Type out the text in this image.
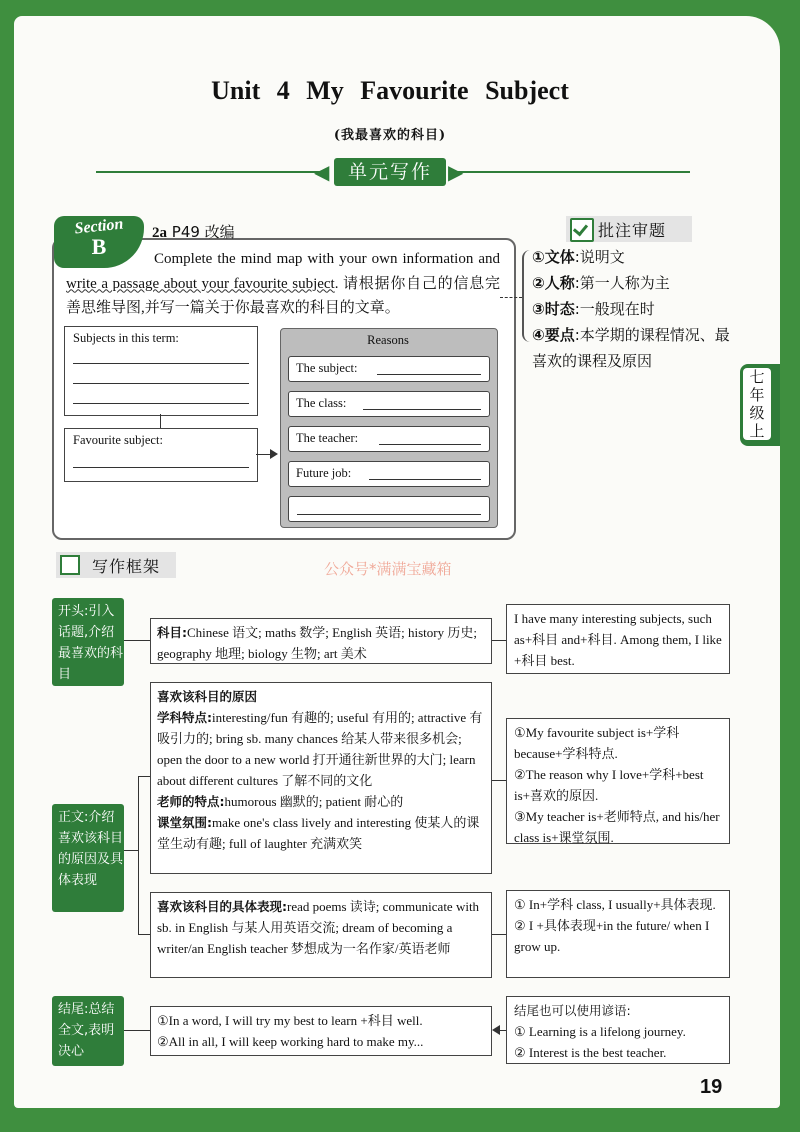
Unit 4 My Favourite Subject
(我最喜欢的科目)
◀	▶
单元写作
Section
B
2a P49 改编
Complete the mind map with your own information and write a passage about your favourite subject. 请根据你自己的信息完善思维导图,并写一篇关于你最喜欢的科目的文章。
Subjects in this term:
Favourite subject:
Reasons
The subject:
The class:
The teacher:
Future job:
批注审题
①文体:说明文
②人称:第一人称为主
③时态:一般现在时
④要点:本学期的课程情况、最喜欢的课程及原因
七年级上
写作框架	公众号*满满宝藏箱
开头:引入话题,介绍最喜欢的科目
科目:Chinese 语文; maths 数学; English 英语; history 历史; geography 地理; biology 生物; art 美术
I have many interesting subjects, such as+科目 and+科目. Among them, I like +科目 best.
正文:介绍喜欢该科目的原因及具体表现
喜欢该科目的原因
学科特点:interesting/fun 有趣的; useful 有用的; attractive 有吸引力的; bring sb. many chances 给某人带来很多机会; open the door to a new world 打开通往新世界的大门; learn about different cultures 了解不同的文化
老师的特点:humorous 幽默的; patient 耐心的
课堂氛围:make one's class lively and interesting 使某人的课堂生动有趣; full of laughter 充满欢笑
①My favourite subject is+学科 because+学科特点.
②The reason why I love+学科+best is+喜欢的原因.
③My teacher is+老师特点, and his/her class is+课堂氛围.
喜欢该科目的具体表现:read poems 读诗; communicate with sb. in English 与某人用英语交流; dream of becoming a writer/an English teacher 梦想成为一名作家/英语老师
① In+学科 class, I usually+具体表现.
② I +具体表现+in the future/ when I grow up.
结尾:总结全文,表明决心
①In a word, I will try my best to learn +科目 well.
②All in all, I will keep working hard to make my...
结尾也可以使用谚语:
① Learning is a lifelong journey.
② Interest is the best teacher.
19
